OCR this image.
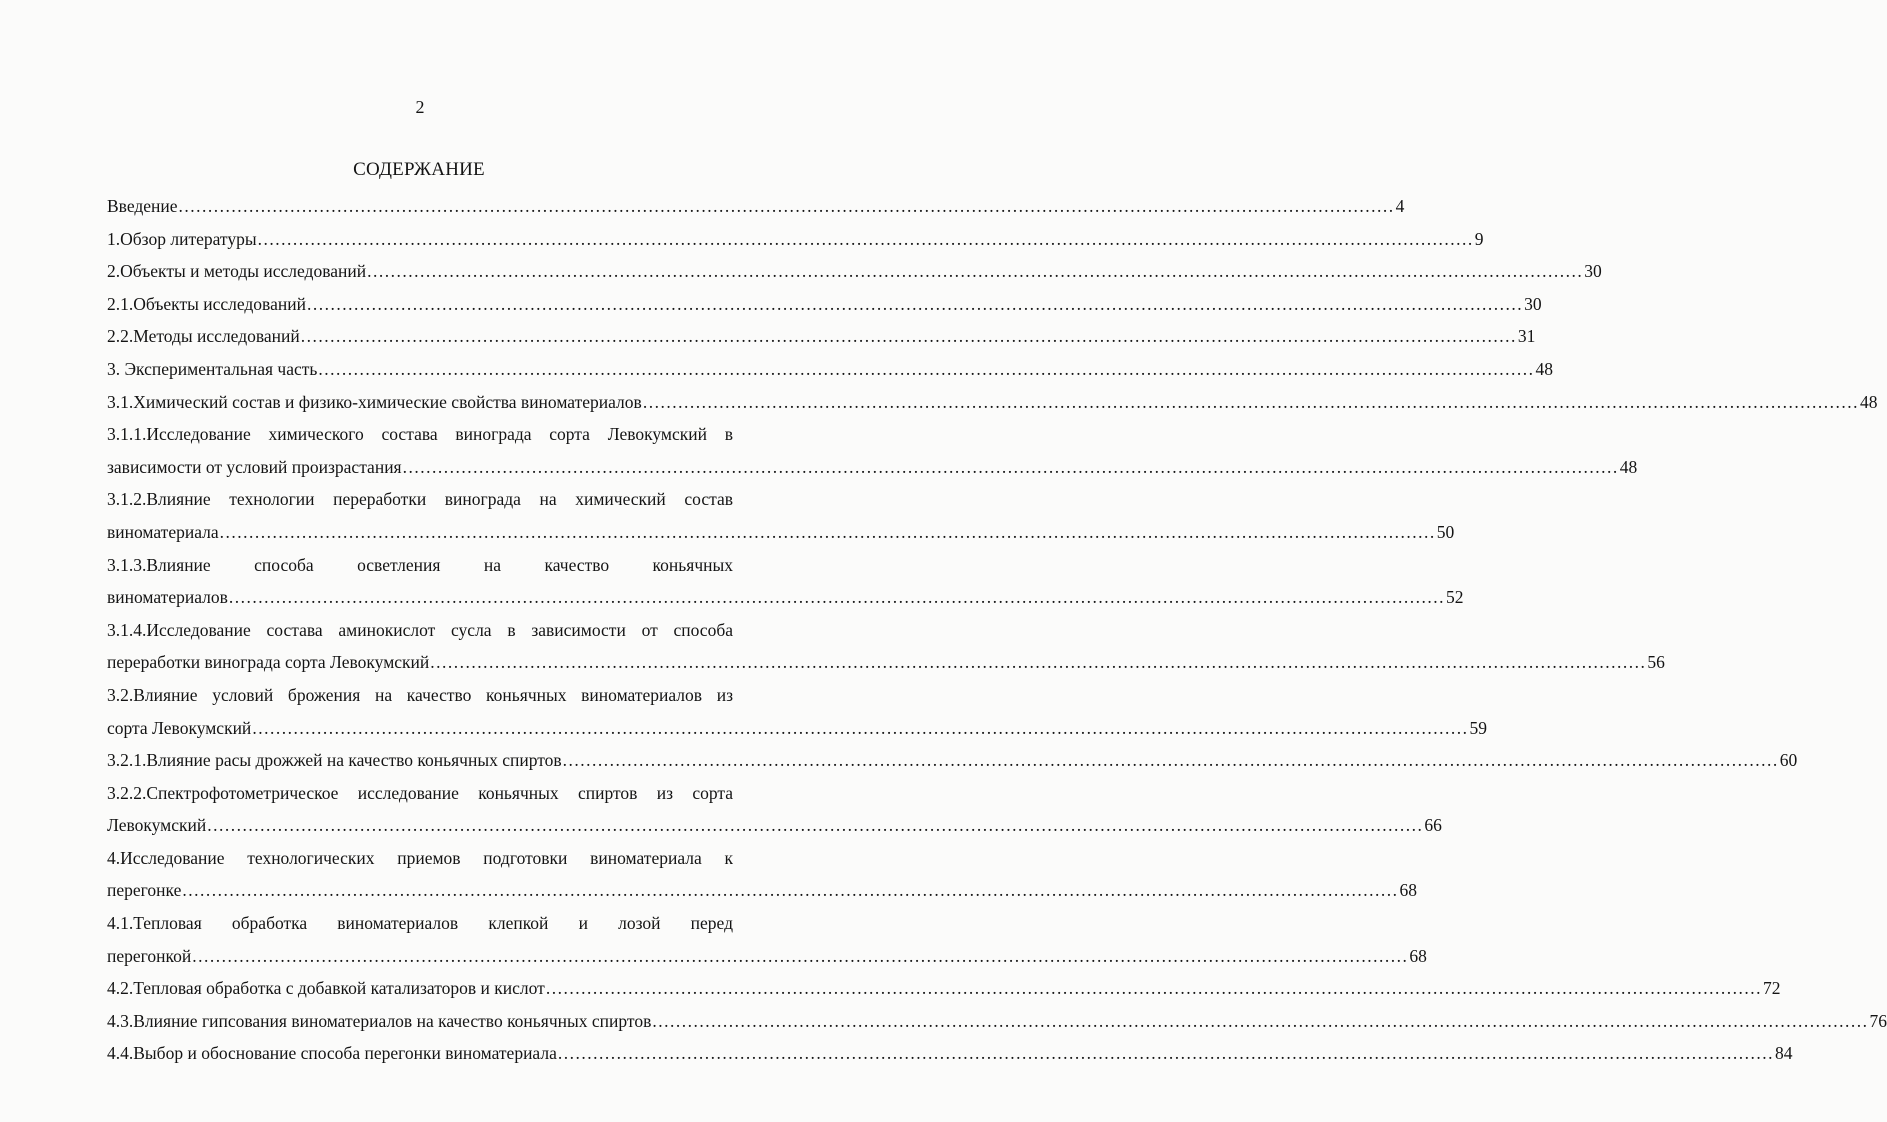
2
СОДЕРЖАНИЕ
Введение .....	4
1.Обзор литературы .....	9
2.Объекты и методы исследований .....	30
2.1.Объекты исследований .....	30
2.2.Методы исследований .....	31
3. Экспериментальная часть .....	48
3.1.Химический состав и физико-химические свойства виноматериалов .....	48
3.1.1.Исследование химического состава винограда сорта Левокумский в
зависимости от условий произрастания .....	48
3.1.2.Влияние технологии переработки винограда на химический состав
виноматериала .....	50
3.1.3.Влияние способа осветления на качество коньячных
виноматериалов .....	52
3.1.4.Исследование состава аминокислот сусла в зависимости от способа
переработки винограда сорта Левокумский .....	56
3.2.Влияние условий брожения на качество коньячных виноматериалов из
сорта Левокумский .....	59
3.2.1.Влияние расы дрожжей на качество коньячных спиртов .....	60
3.2.2.Спектрофотометрическое исследование коньячных спиртов из сорта
Левокумский .....	66
4.Исследование технологических приемов подготовки виноматериала к
перегонке .....	68
4.1.Тепловая обработка виноматериалов клепкой и лозой перед
перегонкой .....	68
4.2.Тепловая обработка с добавкой катализаторов и кислот .....	72
4.3.Влияние гипсования виноматериалов на качество коньячных спиртов .....	76
4.4.Выбор и обоснование способа перегонки виноматериала .....	84
